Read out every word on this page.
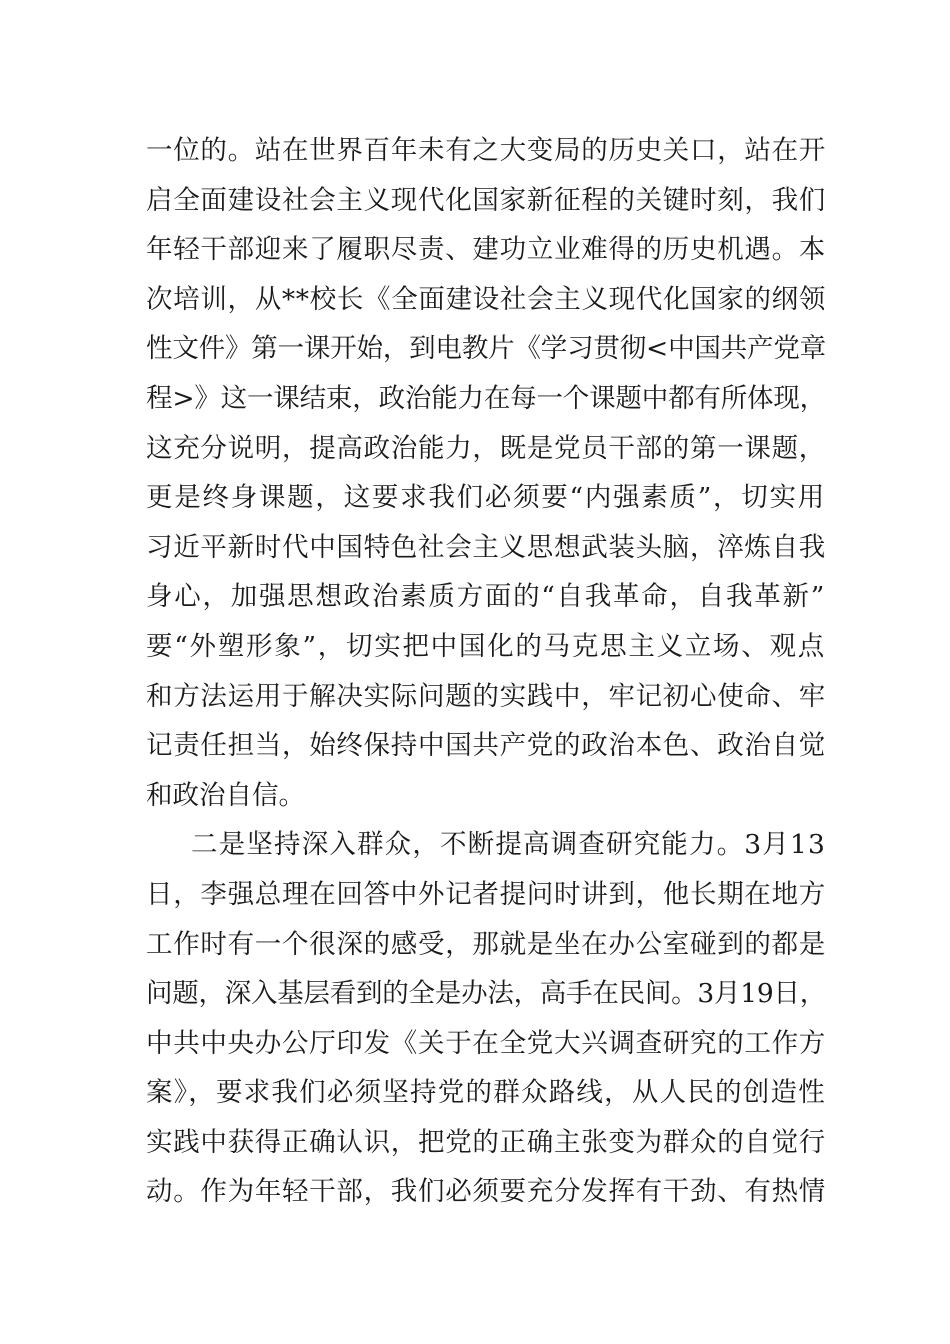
一位的。站在世界百年未有之大变局的历史关口，站在开
启全面建设社会主义现代化国家新征程的关键时刻，我们
年轻干部迎来了履职尽责、建功立业难得的历史机遇。本
次培训，从**校长《全面建设社会主义现代化国家的纲领
性文件》第一课开始，到电教片《学习贯彻<中国共产党章
程>》这一课结束，政治能力在每一个课题中都有所体现，
这充分说明，提高政治能力，既是党员干部的第一课题，
更是终身课题，这要求我们必须要“内强素质”，切实用
习近平新时代中国特色社会主义思想武装头脑，淬炼自我
身心，加强思想政治素质方面的“自我革命，自我革新”
要“外塑形象”，切实把中国化的马克思主义立场、观点
和方法运用于解决实际问题的实践中，牢记初心使命、牢
记责任担当，始终保持中国共产党的政治本色、政治自觉
和政治自信。
二是坚持深入群众，不断提高调查研究能力。3月13
日，李强总理在回答中外记者提问时讲到，他长期在地方
工作时有一个很深的感受，那就是坐在办公室碰到的都是
问题，深入基层看到的全是办法，高手在民间。3月19日，
中共中央办公厅印发《关于在全党大兴调查研究的工作方
案》，要求我们必须坚持党的群众路线，从人民的创造性
实践中获得正确认识，把党的正确主张变为群众的自觉行
动。作为年轻干部，我们必须要充分发挥有干劲、有热情
